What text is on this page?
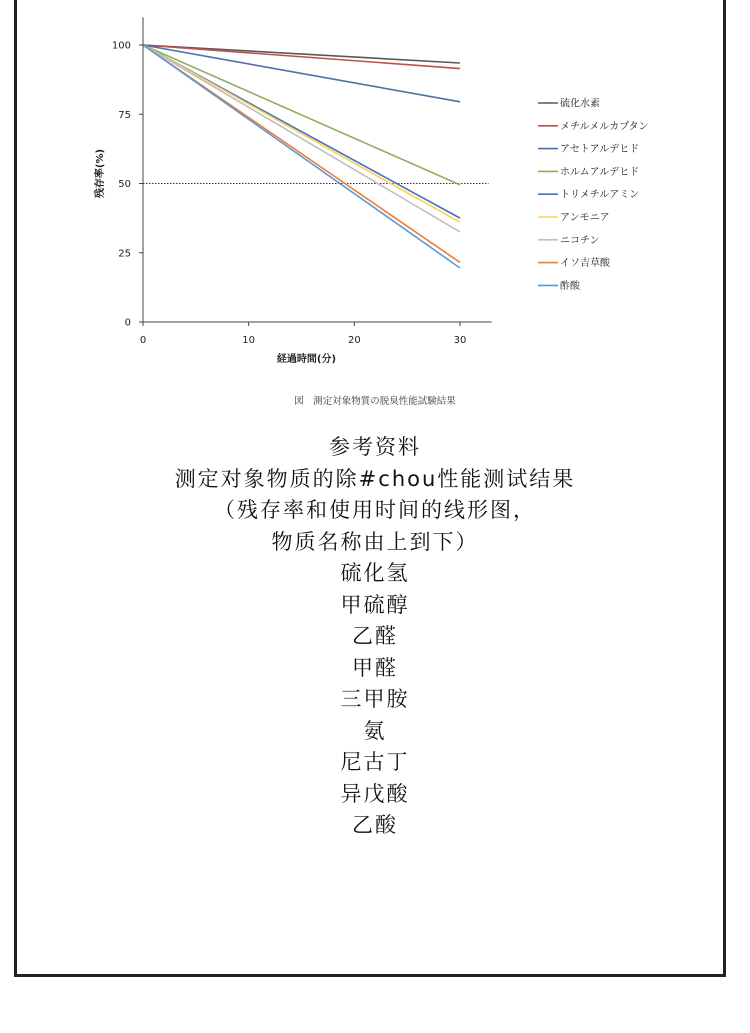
0
25
50
75
100
0	10	20	30
経過時間(分)
残存率(%)
硫化水素
メチルメルカプタン
アセトアルデヒド
ホルムアルデヒド
トリメチルアミン
アンモニア
ニコチン
イソ吉草酸
酢酸
図　測定対象物質の脱臭性能試験結果
参考资料
测定对象物质的除#chou性能测试结果
（残存率和使用时间的线形图，
物质名称由上到下）
硫化氢
甲硫醇
乙醛
甲醛
三甲胺
氨
尼古丁
异戊酸
乙酸
